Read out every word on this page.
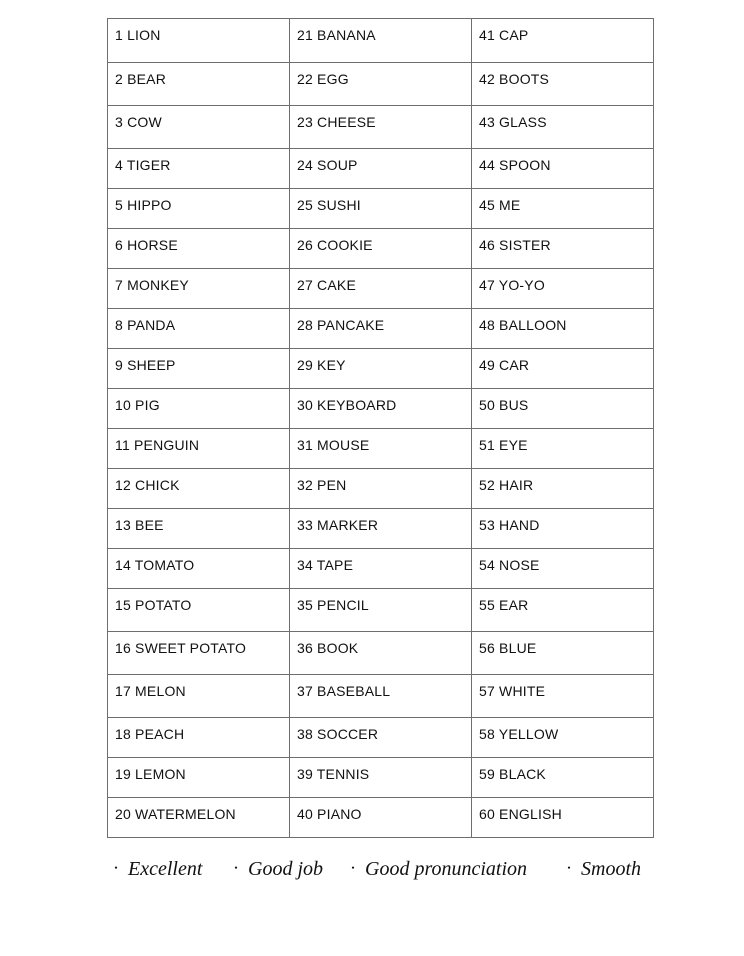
1 LION	21 BANANA	41 CAP
2 BEAR	22 EGG	42 BOOTS
3 COW	23 CHEESE	43 GLASS
4 TIGER	24 SOUP	44 SPOON
5 HIPPO	25 SUSHI	45 ME
6 HORSE	26 COOKIE	46 SISTER
7 MONKEY	27 CAKE	47 YO-YO
8 PANDA	28 PANCAKE	48 BALLOON
9 SHEEP	29 KEY	49 CAR
10 PIG	30 KEYBOARD	50 BUS
11 PENGUIN	31 MOUSE	51 EYE
12 CHICK	32 PEN	52 HAIR
13 BEE	33 MARKER	53 HAND
14 TOMATO	34 TAPE	54 NOSE
15 POTATO	35 PENCIL	55 EAR
16 SWEET POTATO	36 BOOK	56 BLUE
17 MELON	37 BASEBALL	57 WHITE
18 PEACH	38 SOCCER	58 YELLOW
19 LEMON	39 TENNIS	59 BLACK
20 WATERMELON	40 PIANO	60 ENGLISH
・ Excellent ・ Good job ・ Good pronunciation	・ Smooth
